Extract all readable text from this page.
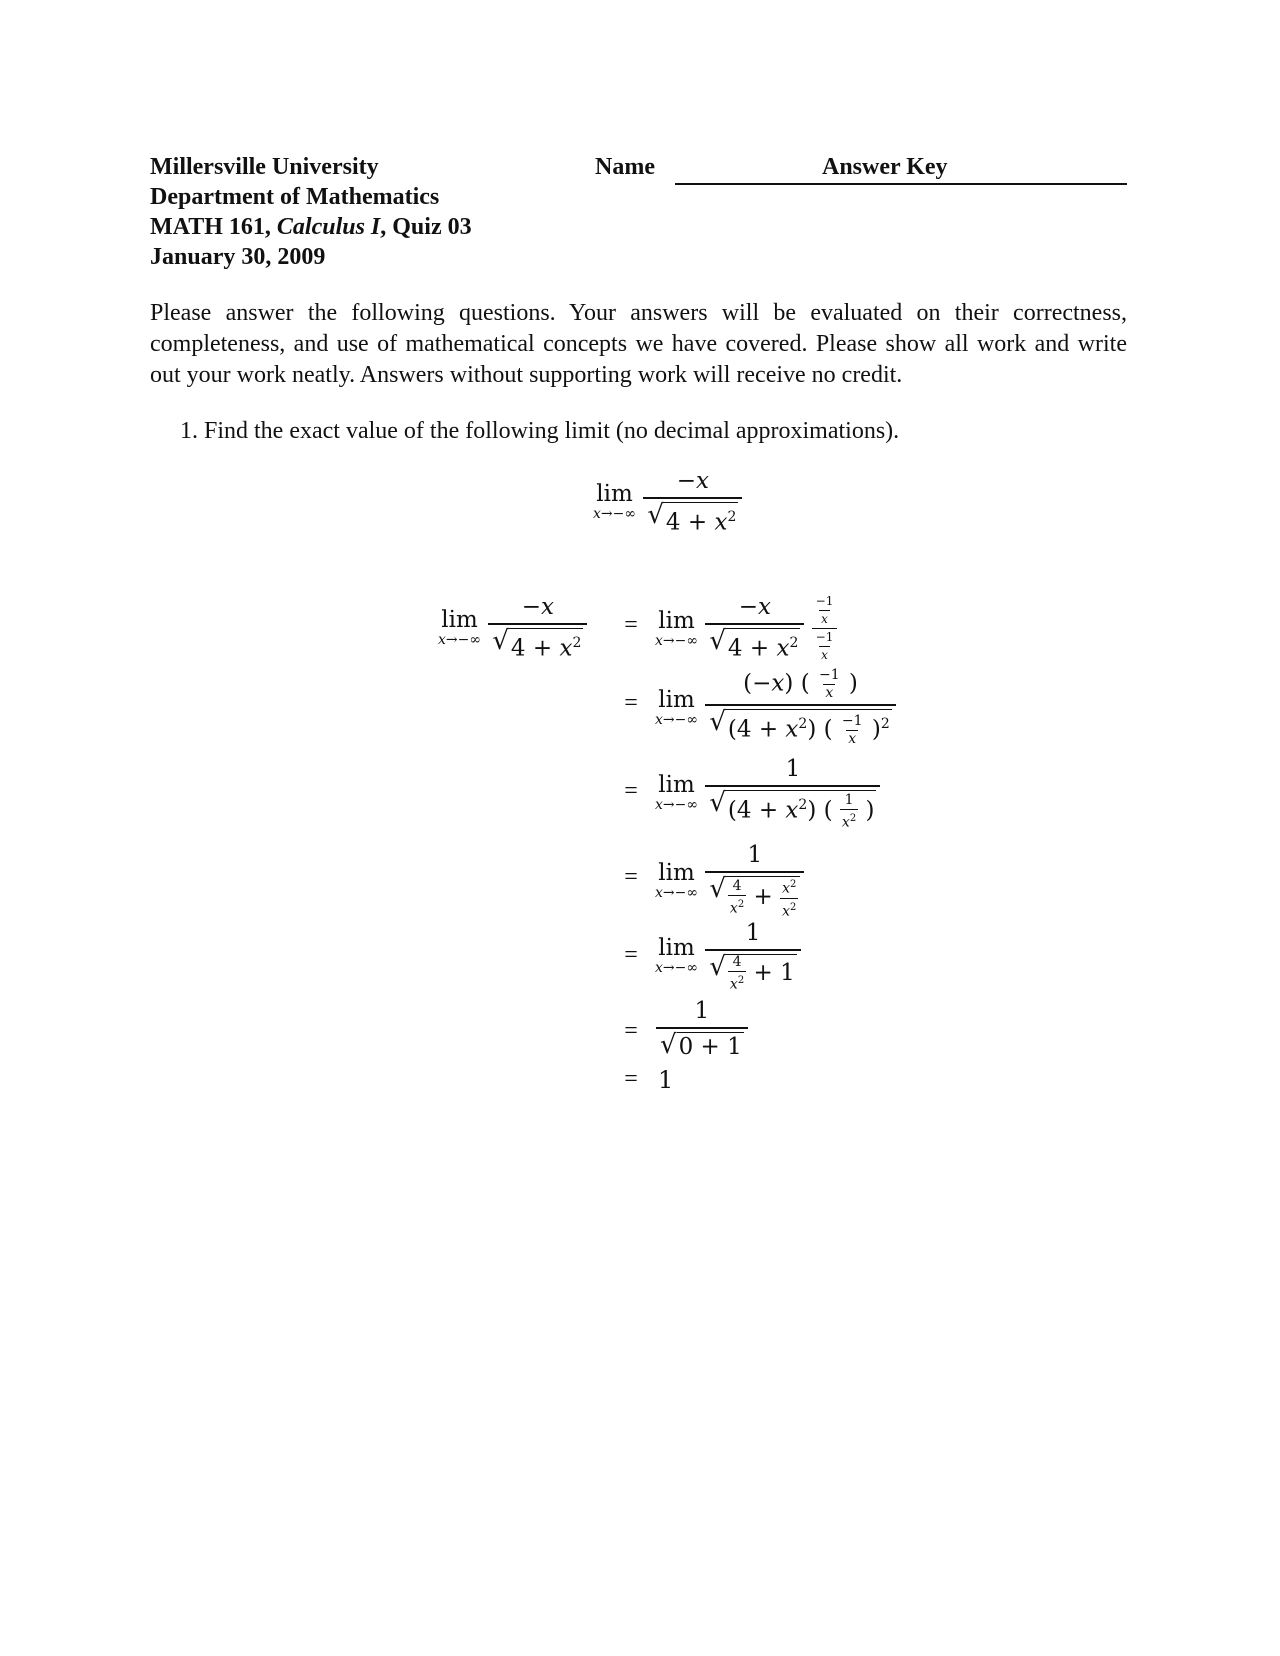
Millersville University
Department of Mathematics
MATH 161, Calculus I, Quiz 03
January 30, 2009
Name	Answer Key
Please answer the following questions. Your answers will be evaluated on their correctness, completeness, and use of mathematical concepts we have covered. Please show all work and write out your work neatly. Answers without supporting work will receive no credit.
1. Find the exact value of the following limit (no decimal approximations).
lim
x→−∞
$\frac{-x}{√ 4 + x^2}$
lim
x→−∞
$\frac{-x}{√ 4 + x^2} = \lim$
x→−∞
$\frac{-x}{√ 4 + x^2}$
$\frac{\frac{-1}{x}}{\frac{-1}{x}}$
= lim
x→−∞
$\frac{(-x) ( \frac{-1}{x} )}{√ (4 + x^2) ( \frac{-1}{x} )^2}$
= lim
x→−∞
$\frac{1}{√ (4 + x^2) ( \frac{1}{x^2} )}$
= lim
x→−∞
$\frac{1}{√ \frac{4}{x^2} + \frac{x^2}{x^2}}$
= lim
x→−∞
$\frac{1}{√ \frac{4}{x^2} + 1}$
= $\frac{1}{√ 0 + 1}$
= 1
